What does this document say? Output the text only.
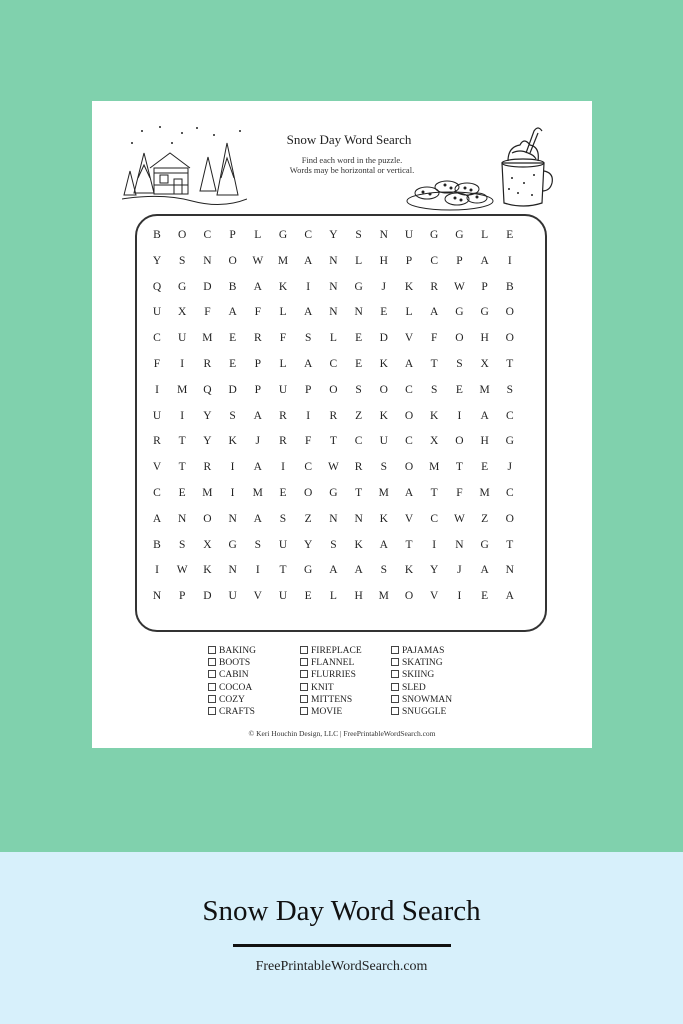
Snow Day Word Search
Find each word in the puzzle.
Words may be horizontal or vertical.
B	O	C	P	L	G	C	Y	S	N	U	G	G	L	E
Y	S	N	O	W	M	A	N	L	H	P	C	P	A	I
Q	G	D	B	A	K	I	N	G	J	K	R	W	P	B
U	X	F	A	F	L	A	N	N	E	L	A	G	G	O
C	U	M	E	R	F	S	L	E	D	V	F	O	H	O
F	I	R	E	P	L	A	C	E	K	A	T	S	X	T
I	M	Q	D	P	U	P	O	S	O	C	S	E	M	S
U	I	Y	S	A	R	I	R	Z	K	O	K	I	A	C
R	T	Y	K	J	R	F	T	C	U	C	X	O	H	G
V	T	R	I	A	I	C	W	R	S	O	M	T	E	J
C	E	M	I	M	E	O	G	T	M	A	T	F	M	C
A	N	O	N	A	S	Z	N	N	K	V	C	W	Z	O
B	S	X	G	S	U	Y	S	K	A	T	I	N	G	T
I	W	K	N	I	T	G	A	A	S	K	Y	J	A	N
N	P	D	U	V	U	E	L	H	M	O	V	I	E	A
BAKING
BOOTS
CABIN
COCOA
COZY
CRAFTS
FIREPLACE
FLANNEL
FLURRIES
KNIT
MITTENS
MOVIE
PAJAMAS
SKATING
SKIING
SLED
SNOWMAN
SNUGGLE
© Keri Houchin Design, LLC | FreePrintableWordSearch.com
Snow Day Word Search
FreePrintableWordSearch.com
